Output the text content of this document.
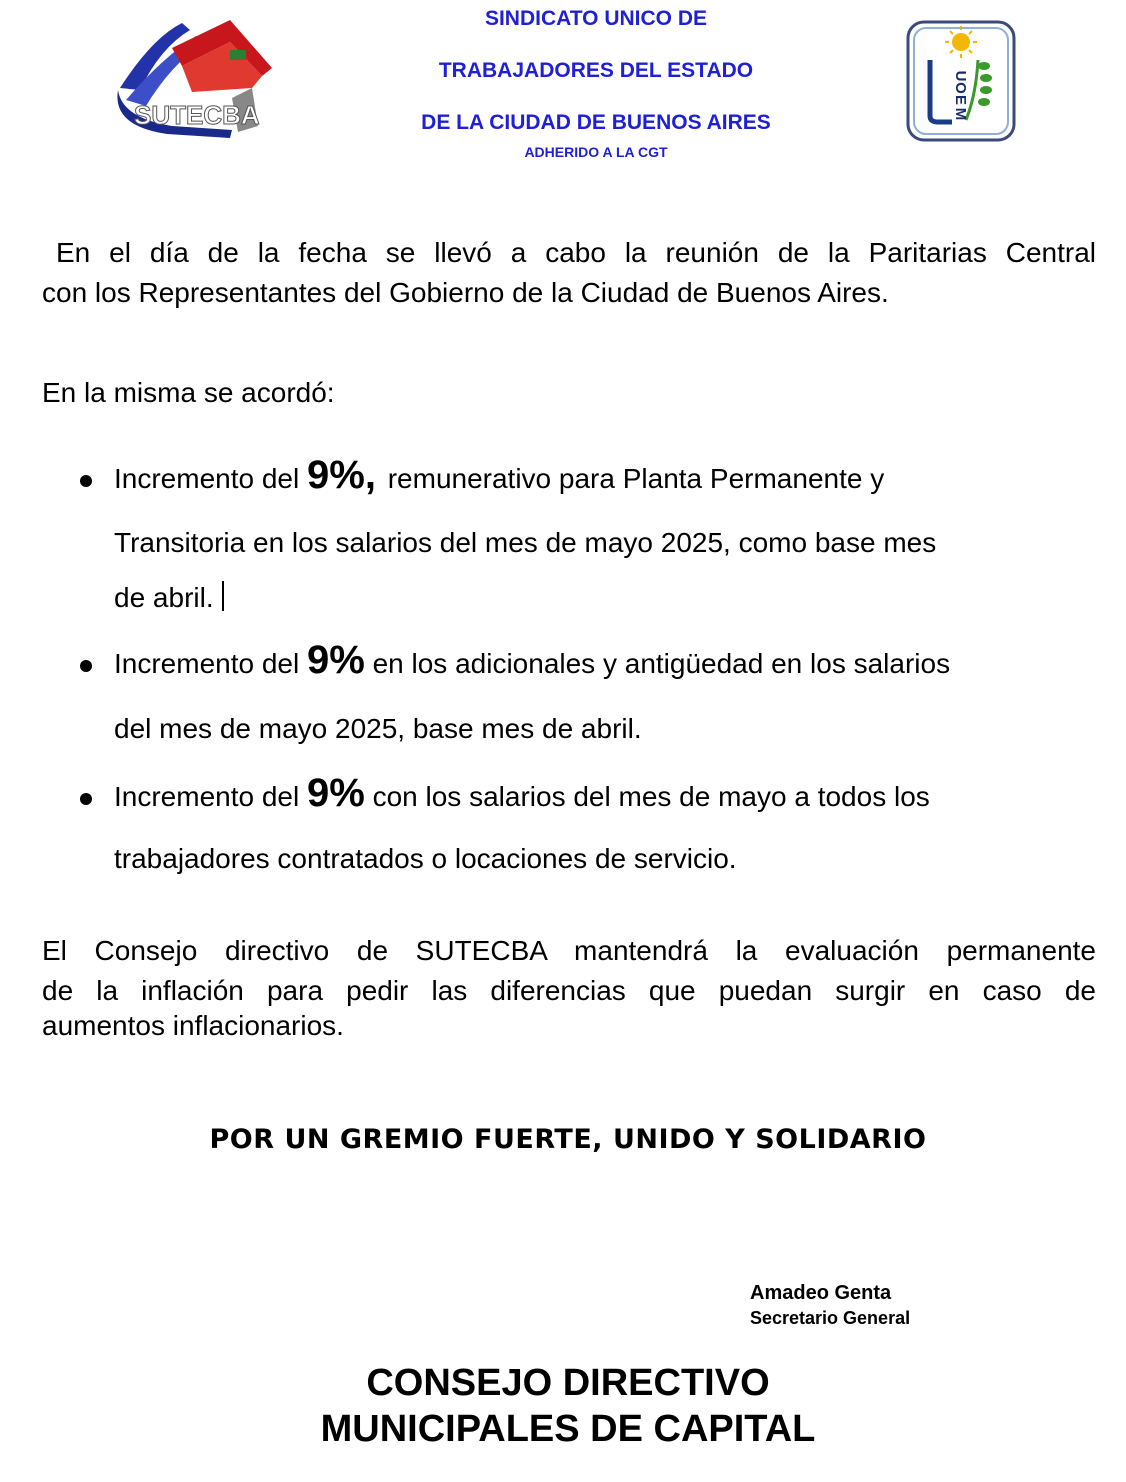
SUTECBA
SINDICATO UNICO DE
TRABAJADORES DEL ESTADO
DE LA CIUDAD DE BUENOS AIRES
ADHERIDO A LA CGT
U
O
E
M
En el día de la fecha se llevó a cabo la reunión de la Paritarias Central
con los Representantes del Gobierno de la Ciudad de Buenos Aires.
En la misma se acordó:
Incremento del 9%, remunerativo para Planta Permanente y
Transitoria en los salarios del mes de mayo 2025, como base mes
de abril.
Incremento del 9% en los adicionales y antigüedad en los salarios
del mes de mayo 2025, base mes de abril.
Incremento del 9% con los salarios del mes de mayo a todos los
trabajadores contratados o locaciones de servicio.
El Consejo directivo de SUTECBA mantendrá la evaluación permanente
de la inflación para pedir las diferencias que puedan surgir en caso de
aumentos inflacionarios.
POR UN GREMIO FUERTE, UNIDO Y SOLIDARIO
Amadeo Genta
Secretario General
CONSEJO DIRECTIVO
MUNICIPALES DE CAPITAL
